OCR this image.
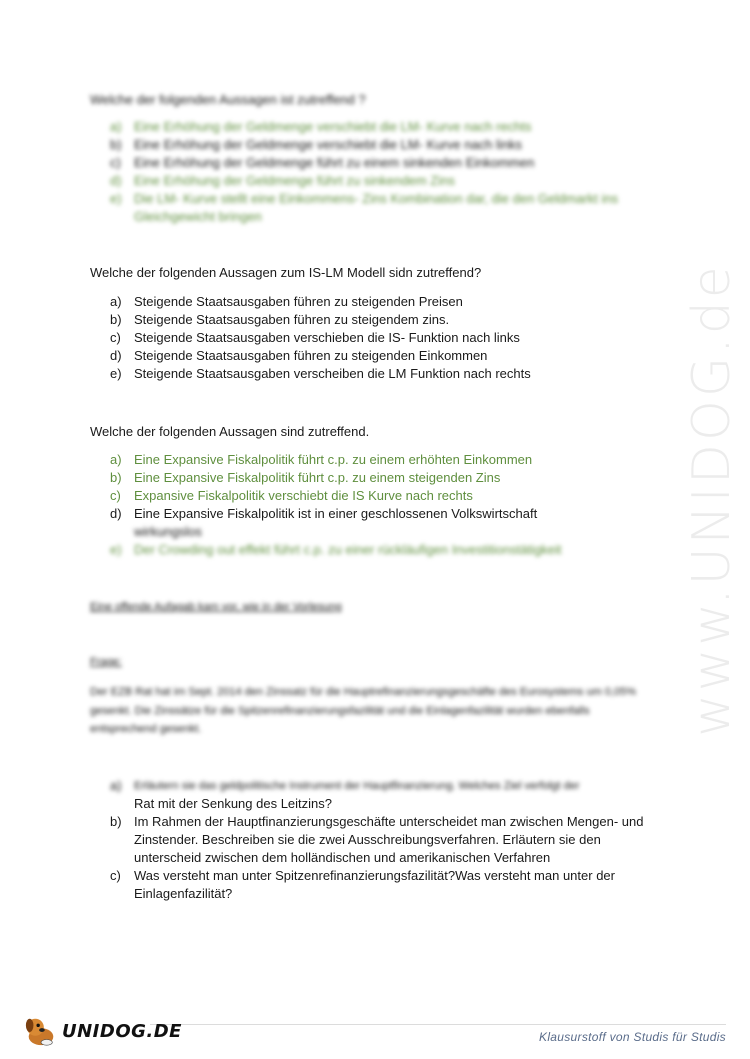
www.UNIDOG.de
Welche der folgenden Aussagen ist zutreffend ?
a) Eine Erhöhung der Geldmenge verschiebt die LM- Kurve nach rechts
b) Eine Erhöhung der Geldmenge verschiebt die LM- Kurve nach links
c)	Eine Erhöhung der Geldmenge führt zu einem sinkenden Einkommen
d) Eine Erhöhung der Geldmenge führt zu sinkendem Zins
e) Die LM- Kurve stellt eine Einkommens- Zins Kombination dar, die den Geldmarkt ins Gleichgewicht bringen
Welche der folgenden Aussagen zum IS-LM Modell sidn zutreffend?
a) Steigende Staatsausgaben führen zu steigenden Preisen
b) Steigende Staatsausgaben führen zu steigendem zins.
c)	Steigende Staatsausgaben verschieben die IS- Funktion nach links
d) Steigende Staatsausgaben führen zu steigenden Einkommen
e) Steigende Staatsausgaben verscheiben die LM Funktion nach rechts
Welche der folgenden Aussagen sind zutreffend.
a) Eine Expansive Fiskalpolitik führt c.p. zu einem erhöhten Einkommen
b) Eine Expansive Fiskalpolitik führt c.p. zu einem steigenden Zins
c)	Expansive Fiskalpolitik verschiebt die IS Kurve nach rechts
d) Eine Expansive Fiskalpolitik ist in einer geschlossenen Volkswirtschaft
wirkungslos
e) Der Crowding out effekt führt c.p. zu einer rückläufigen Investitionstätigkeit
Eine offende Aufagab kam vor, wie in der Vorlesung
Frage:
Der EZB Rat hat im Sept. 2014 den Zinssatz für die Hauptrefinanzierungsgeschäfte des Eurosystems um 0,05% gesenkt. Die Zinssätze für die Spitzenrefinanzierungsfazilität und die Einlagenfazilität wurden ebenfalls entsprechend gesenkt.
a)	Erläutern sie das geldpolitische Instrument der Hauptfinanzierung. Welches Ziel verfolgt der
Rat mit der Senkung des Leitzins?
b) Im Rahmen der Hauptfinanzierungsgeschäfte unterscheidet man zwischen Mengen- und Zinstender. Beschreiben sie die zwei Ausschreibungsverfahren. Erläutern sie den unterscheid zwischen dem holländischen und amerikanischen Verfahren
c)	Was versteht man unter Spitzenrefinanzierungsfazilität?Was versteht man unter der Einlagenfazilität?
UNIDOG.DE	Klausurstoff von Studis für Studis
